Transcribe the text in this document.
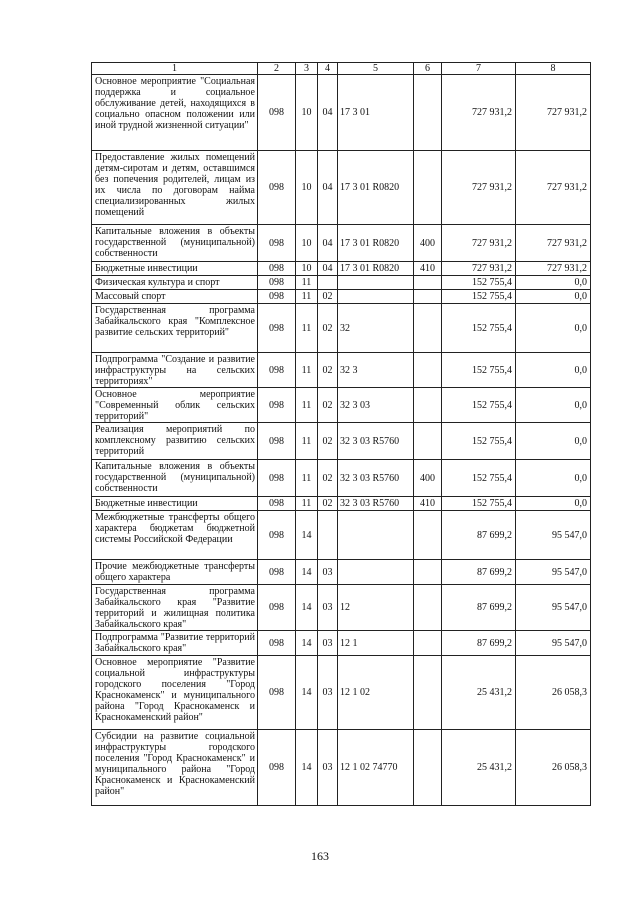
1	2	3	4	5	6	7	8
Основное мероприятие "Социальная поддержка и социальное обслуживание детей, находящихся в социально опасном положении или иной трудной жизненной ситуации"	098	10	04	17 3 01		727 931,2	727 931,2
Предоставление жилых помещений детям-сиротам и детям, оставшимся без попечения родителей, лицам из их числа по договорам найма специализированных жилых помещений	098	10	04	17 3 01 R0820		727 931,2	727 931,2
Капитальные вложения в объекты государственной (муниципальной) собственности	098	10	04	17 3 01 R0820	400	727 931,2	727 931,2
Бюджетные инвестиции	098	10	04	17 3 01 R0820	410	727 931,2	727 931,2
Физическая культура и спорт	098	11				152 755,4	0,0
Массовый спорт	098	11	02			152 755,4	0,0
Государственная программа Забайкальского края "Комплексное развитие сельских территорий"	098	11	02	32		152 755,4	0,0
Подпрограмма "Создание и развитие инфраструктуры на сельских территориях"	098	11	02	32 3		152 755,4	0,0
Основное мероприятие "Современный облик сельских территорий"	098	11	02	32 3 03		152 755,4	0,0
Реализация мероприятий по комплексному развитию сельских территорий	098	11	02	32 3 03 R5760		152 755,4	0,0
Капитальные вложения в объекты государственной (муниципальной) собственности	098	11	02	32 3 03 R5760	400	152 755,4	0,0
Бюджетные инвестиции	098	11	02	32 3 03 R5760	410	152 755,4	0,0
Межбюджетные трансферты общего характера бюджетам бюджетной системы Российской Федерации	098	14				87 699,2	95 547,0
Прочие межбюджетные трансферты общего характера	098	14	03			87 699,2	95 547,0
Государственная программа Забайкальского края "Развитие территорий и жилищная политика Забайкальского края"	098	14	03	12		87 699,2	95 547,0
Подпрограмма "Развитие территорий Забайкальского края"	098	14	03	12 1		87 699,2	95 547,0
Основное мероприятие "Развитие социальной инфраструктуры городского поселения "Город Краснокаменск" и муниципального района "Город Краснокаменск и Краснокаменский район"	098	14	03	12 1 02		25 431,2	26 058,3
Субсидии на развитие социальной инфраструктуры городского поселения "Город Краснокаменск" и муниципального района "Город Краснокаменск и Краснокаменский район"	098	14	03	12 1 02 74770		25 431,2	26 058,3
163
